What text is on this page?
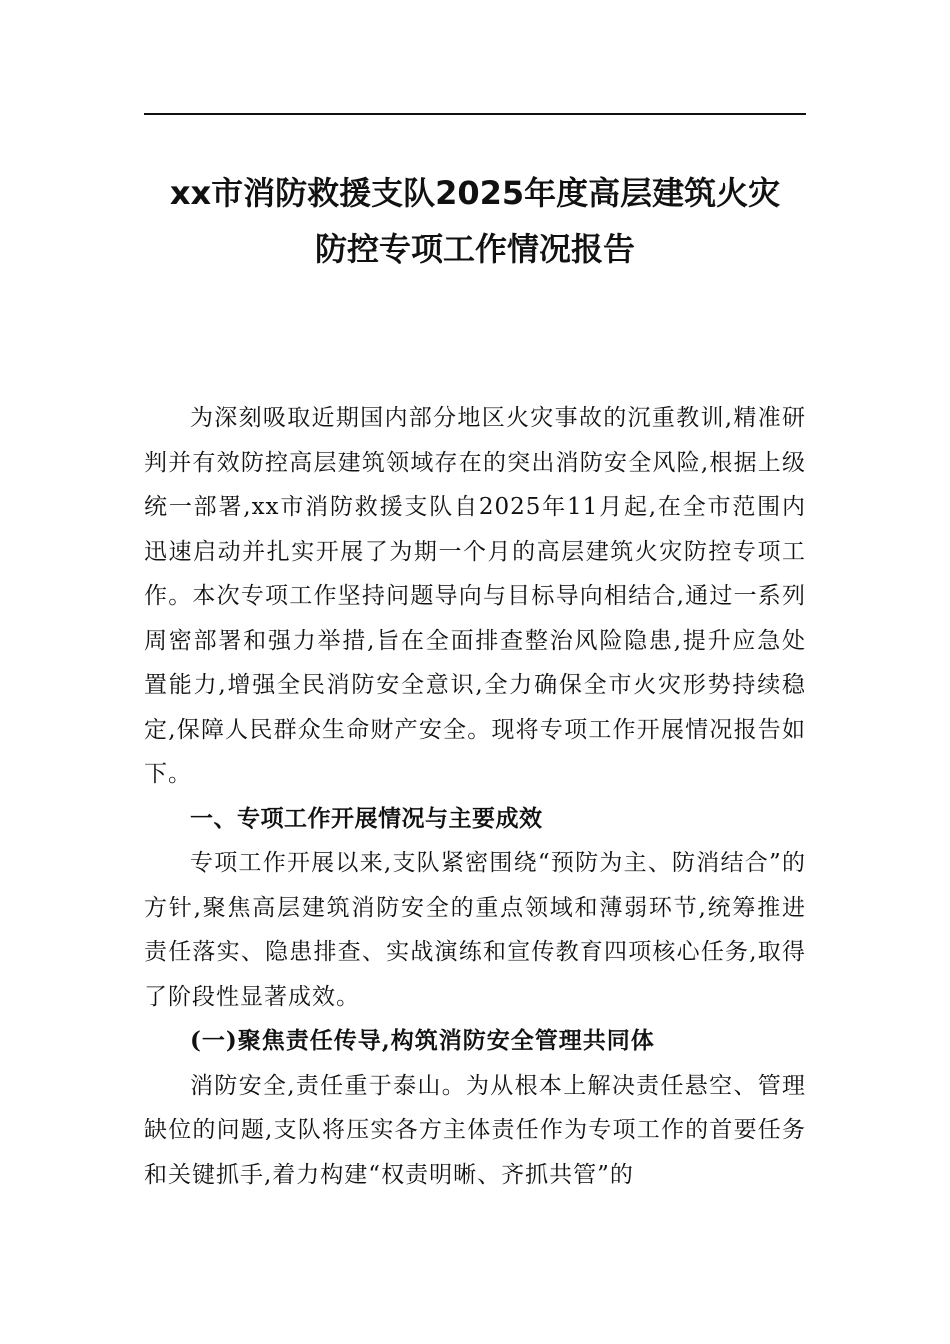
xx市消防救援支队2025年度高层建筑火灾
防控专项工作情况报告

为深刻吸取近期国内部分地区火灾事故的沉重教训,精准研判并有效防控高层建筑领域存在的突出消防安全风险,根据上级统一部署,xx市消防救援支队自2025年11月起,在全市范围内迅速启动并扎实开展了为期一个月的高层建筑火灾防控专项工作。本次专项工作坚持问题导向与目标导向相结合,通过一系列周密部署和强力举措,旨在全面排查整治风险隐患,提升应急处置能力,增强全民消防安全意识,全力确保全市火灾形势持续稳定,保障人民群众生命财产安全。现将专项工作开展情况报告如下。

一、专项工作开展情况与主要成效

专项工作开展以来,支队紧密围绕“预防为主、防消结合”的方针,聚焦高层建筑消防安全的重点领域和薄弱环节,统筹推进责任落实、隐患排查、实战演练和宣传教育四项核心任务,取得了阶段性显著成效。

(一)聚焦责任传导,构筑消防安全管理共同体

消防安全,责任重于泰山。为从根本上解决责任悬空、管理缺位的问题,支队将压实各方主体责任作为专项工作的首要任务和关键抓手,着力构建“权责明晰、齐抓共管”的
